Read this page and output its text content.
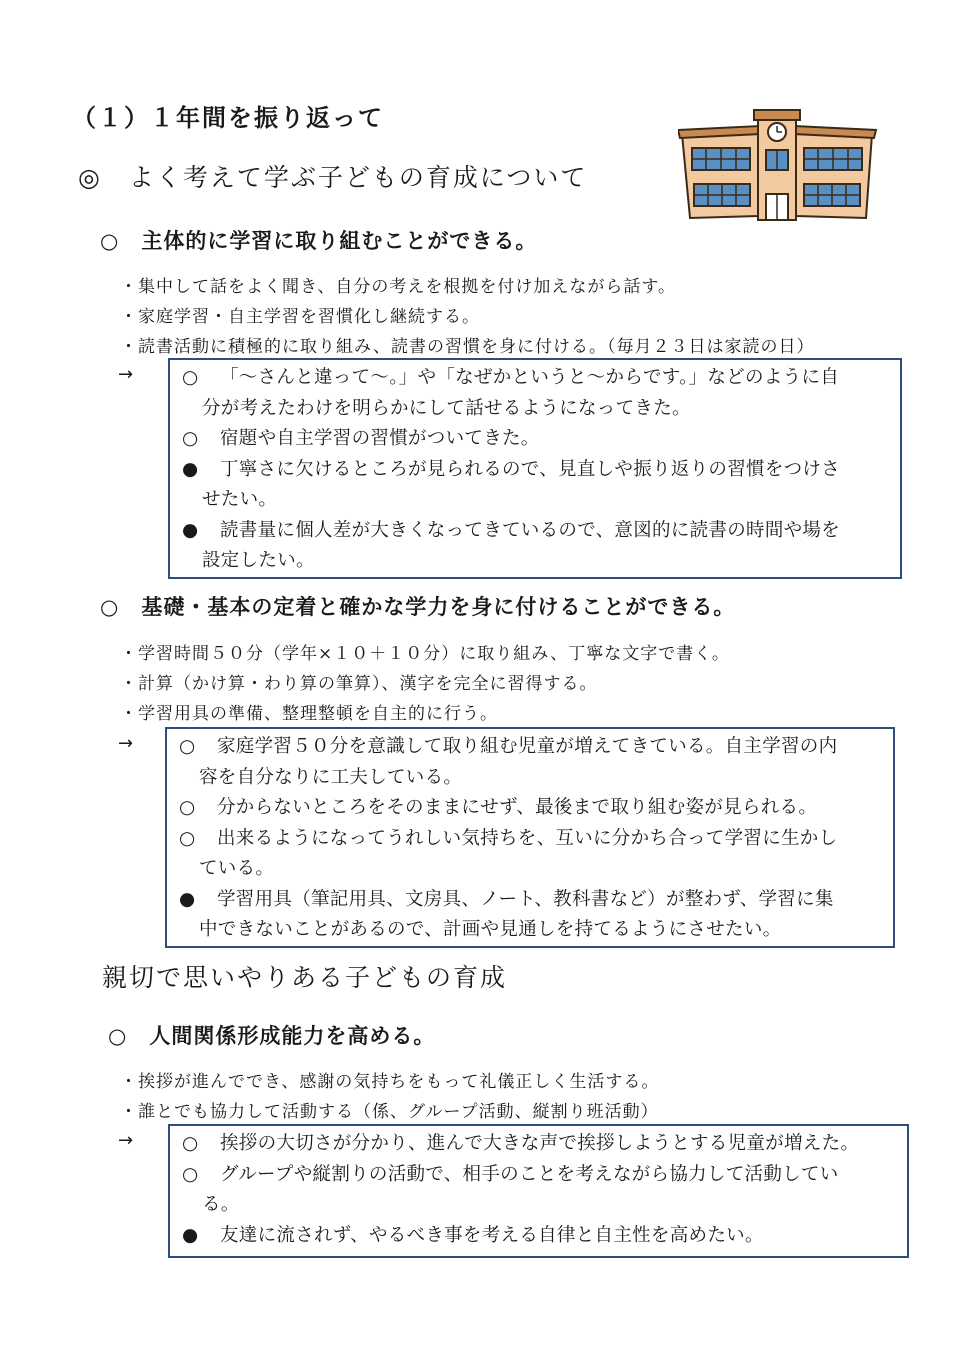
（１）１年間を振り返って
◎　よく考えて学ぶ子どもの育成について
○　主体的に学習に取り組むことができる。
・集中して話をよく聞き、自分の考えを根拠を付け加えながら話す。
・家庭学習・自主学習を習慣化し継続する。
・読書活動に積極的に取り組み、読書の習慣を身に付ける。（毎月２３日は家読の日）
→	○ 「〜さんと違って〜。」や「なぜかというと〜からです。」などのように自
分が考えたわけを明らかにして話せるようになってきた。
○ 宿題や自主学習の習慣がついてきた。
● 丁寧さに欠けるところが見られるので、見直しや振り返りの習慣をつけさ
せたい。
● 読書量に個人差が大きくなってきているので、意図的に読書の時間や場を
設定したい。
○　基礎・基本の定着と確かな学力を身に付けることができる。
・学習時間５０分（学年×１０＋１０分）に取り組み、丁寧な文字で書く。
・計算（かけ算・わり算の筆算）、漢字を完全に習得する。
・学習用具の準備、整理整頓を自主的に行う。
→ ○ 家庭学習５０分を意識して取り組む児童が増えてきている。自主学習の内
容を自分なりに工夫している。
○ 分からないところをそのままにせず、最後まで取り組む姿が見られる。
○ 出来るようになってうれしい気持ちを、互いに分かち合って学習に生かし
ている。
● 学習用具（筆記用具、文房具、ノート、教科書など）が整わず、学習に集
中できないことがあるので、計画や見通しを持てるようにさせたい。
親切で思いやりある子どもの育成
○　人間関係形成能力を高める。
・挨拶が進んででき、感謝の気持ちをもって礼儀正しく生活する。
・誰とでも協力して活動する（係、グループ活動、縦割り班活動）
→	○ 挨拶の大切さが分かり、進んで大きな声で挨拶しようとする児童が増えた。
○ グループや縦割りの活動で、相手のことを考えながら協力して活動してい
る。
● 友達に流されず、やるべき事を考える自律と自主性を高めたい。
